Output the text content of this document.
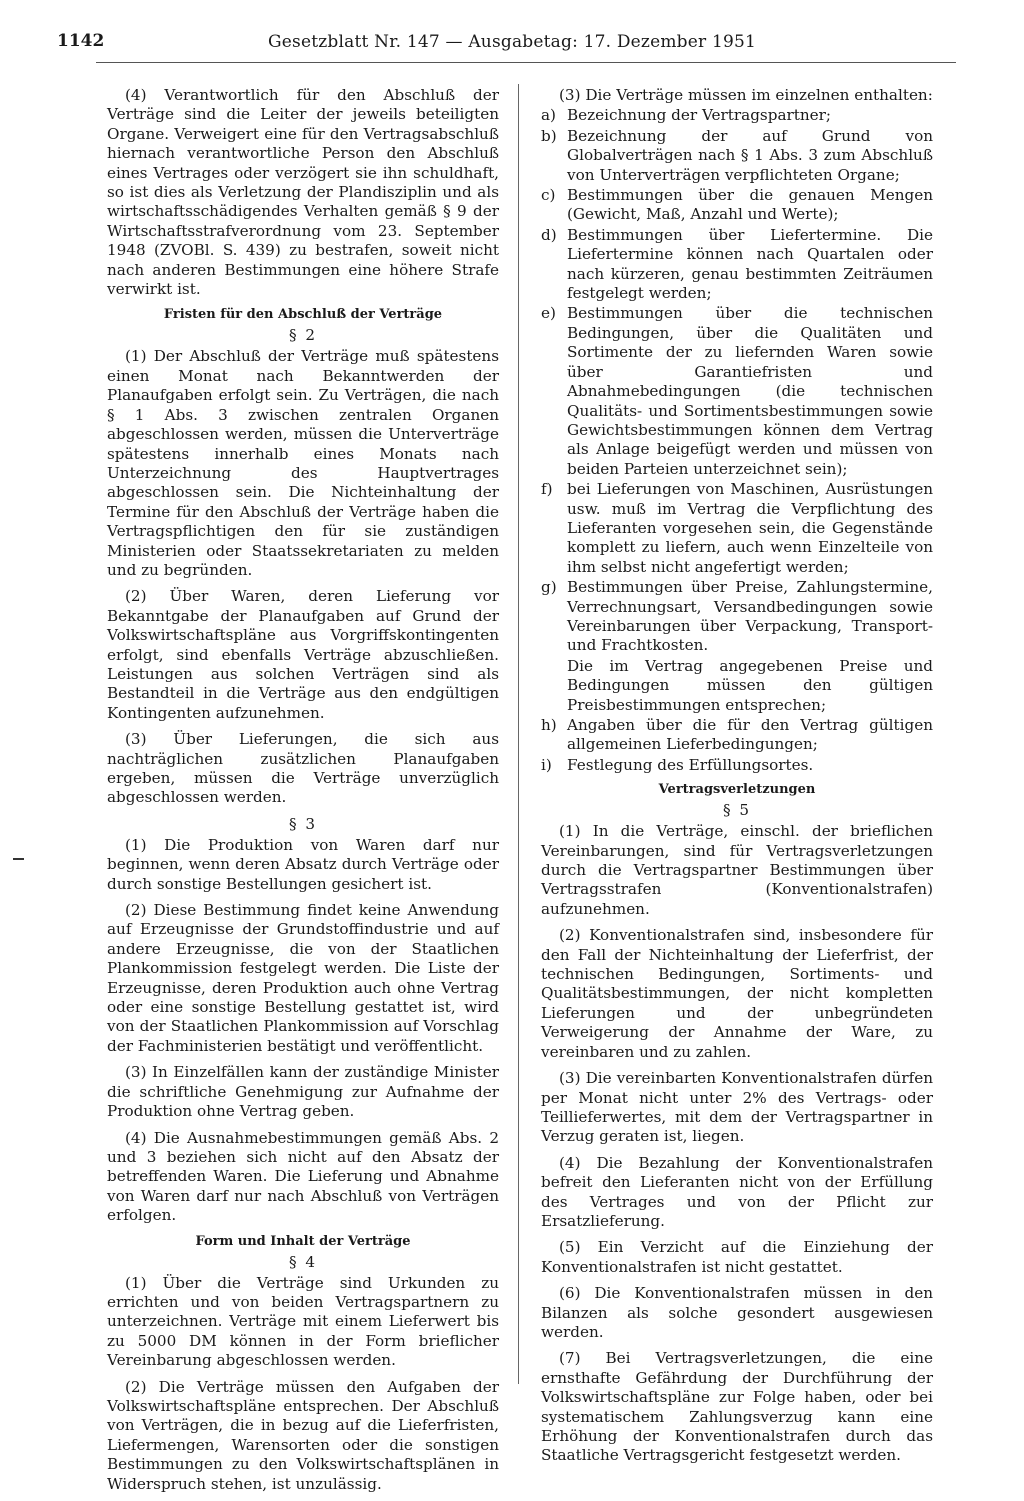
1142	Gesetzblatt Nr. 147 — Ausgabetag: 17. Dezember 1951

(4) Verantwortlich für den Abschluß der Verträge sind die Leiter der jeweils beteiligten Organe. Verweigert eine für den Vertragsabschluß hiernach verantwortliche Person den Abschluß eines Vertrages oder verzögert sie ihn schuldhaft, so ist dies als Verletzung der Plandisziplin und als wirtschaftsschädigendes Verhalten gemäß § 9 der Wirtschaftsstrafverordnung vom 23. September 1948 (ZVOBl. S. 439) zu bestrafen, soweit nicht nach anderen Bestimmungen eine höhere Strafe verwirkt ist.

Fristen für den Abschluß der Verträge
§ 2

(1) Der Abschluß der Verträge muß spätestens einen Monat nach Bekanntwerden der Planaufgaben erfolgt sein. Zu Verträgen, die nach § 1 Abs. 3 zwischen zentralen Organen abgeschlossen werden, müssen die Unterverträge spätestens innerhalb eines Monats nach Unterzeichnung des Hauptvertrages abgeschlossen sein. Die Nichteinhaltung der Termine für den Abschluß der Verträge haben die Vertragspflichtigen den für sie zuständigen Ministerien oder Staatssekretariaten zu melden und zu begründen.

(2) Über Waren, deren Lieferung vor Bekanntgabe der Planaufgaben auf Grund der Volkswirtschaftspläne aus Vorgriffskontingenten erfolgt, sind ebenfalls Verträge abzuschließen. Leistungen aus solchen Verträgen sind als Bestandteil in die Verträge aus den endgültigen Kontingenten aufzunehmen.

(3) Über Lieferungen, die sich aus nachträglichen zusätzlichen Planaufgaben ergeben, müssen die Verträge unverzüglich abgeschlossen werden.

§ 3

(1) Die Produktion von Waren darf nur beginnen, wenn deren Absatz durch Verträge oder durch sonstige Bestellungen gesichert ist.

(2) Diese Bestimmung findet keine Anwendung auf Erzeugnisse der Grundstoffindustrie und auf andere Erzeugnisse, die von der Staatlichen Plankommission festgelegt werden. Die Liste der Erzeugnisse, deren Produktion auch ohne Vertrag oder eine sonstige Bestellung gestattet ist, wird von der Staatlichen Plankommission auf Vorschlag der Fachministerien bestätigt und veröffentlicht.

(3) In Einzelfällen kann der zuständige Minister die schriftliche Genehmigung zur Aufnahme der Produktion ohne Vertrag geben.

(4) Die Ausnahmebestimmungen gemäß Abs. 2 und 3 beziehen sich nicht auf den Absatz der betreffenden Waren. Die Lieferung und Abnahme von Waren darf nur nach Abschluß von Verträgen erfolgen.

Form und Inhalt der Verträge
§ 4

(1) Über die Verträge sind Urkunden zu errichten und von beiden Vertragspartnern zu unterzeichnen. Verträge mit einem Lieferwert bis zu 5000 DM können in der Form brieflicher Vereinbarung abgeschlossen werden.

(2) Die Verträge müssen den Aufgaben der Volkswirtschaftspläne entsprechen. Der Abschluß von Verträgen, die in bezug auf die Lieferfristen, Liefermengen, Warensorten oder die sonstigen Bestimmungen zu den Volkswirtschaftsplänen in Widerspruch stehen, ist unzulässig.

(3) Die Verträge müssen im einzelnen enthalten:

a) Bezeichnung der Vertragspartner;
b) Bezeichnung der auf Grund von Globalverträgen nach § 1 Abs. 3 zum Abschluß von Unterverträgen verpflichteten Organe;
c) Bestimmungen über die genauen Mengen (Gewicht, Maß, Anzahl und Werte);
d) Bestimmungen über Liefertermine. Die Liefertermine können nach Quartalen oder nach kürzeren, genau bestimmten Zeiträumen festgelegt werden;
e) Bestimmungen über die technischen Bedingungen, über die Qualitäten und Sortimente der zu liefernden Waren sowie über Garantiefristen und Abnahmebedingungen (die technischen Qualitäts- und Sortimentsbestimmungen sowie Gewichtsbestimmungen können dem Vertrag als Anlage beigefügt werden und müssen von beiden Parteien unterzeichnet sein);
f) bei Lieferungen von Maschinen, Ausrüstungen usw. muß im Vertrag die Verpflichtung des Lieferanten vorgesehen sein, die Gegenstände komplett zu liefern, auch wenn Einzelteile von ihm selbst nicht angefertigt werden;
g) Bestimmungen über Preise, Zahlungstermine, Verrechnungsart, Versandbedingungen sowie Vereinbarungen über Verpackung, Transport- und Frachtkosten.
Die im Vertrag angegebenen Preise und Bedingungen müssen den gültigen Preisbestimmungen entsprechen;
h) Angaben über die für den Vertrag gültigen allgemeinen Lieferbedingungen;
i)	Festlegung des Erfüllungsortes.
Vertragsverletzungen
§ 5

(1) In die Verträge, einschl. der brieflichen Vereinbarungen, sind für Vertragsverletzungen durch die Vertragspartner Bestimmungen über Vertragsstrafen (Konventionalstrafen) aufzunehmen.

(2) Konventionalstrafen sind, insbesondere für den Fall der Nichteinhaltung der Lieferfrist, der technischen Bedingungen, Sortiments- und Qualitätsbestimmungen, der nicht kompletten Lieferungen und der unbegründeten Verweigerung der Annahme der Ware, zu vereinbaren und zu zahlen.

(3) Die vereinbarten Konventionalstrafen dürfen per Monat nicht unter 2% des Vertrags- oder Teillieferwertes, mit dem der Vertragspartner in Verzug geraten ist, liegen.

(4) Die Bezahlung der Konventionalstrafen befreit den Lieferanten nicht von der Erfüllung des Vertrages und von der Pflicht zur Ersatzlieferung.

(5) Ein Verzicht auf die Einziehung der Konventionalstrafen ist nicht gestattet.

(6) Die Konventionalstrafen müssen in den Bilanzen als solche gesondert ausgewiesen werden.

(7) Bei Vertragsverletzungen, die eine ernsthafte Gefährdung der Durchführung der Volkswirtschaftspläne zur Folge haben, oder bei systematischem Zahlungsverzug kann eine Erhöhung der Konventionalstrafen durch das Staatliche Vertragsgericht festgesetzt werden.
